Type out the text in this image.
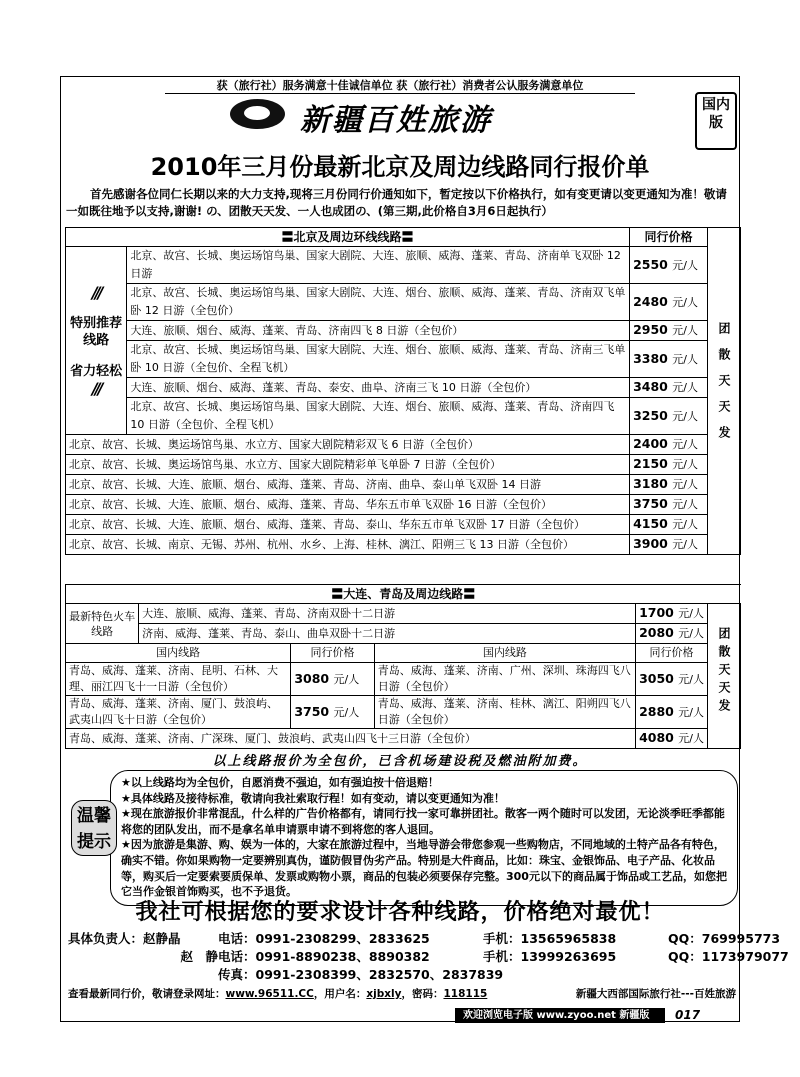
获（旅行社）服务满意十佳诚信单位 获（旅行社）消费者公认服务满意单位
新疆百姓旅游	国内版
2010年三月份最新北京及周边线路同行报价单
首先感谢各位同仁长期以来的大力支持,现将三月份同行价通知如下，暂定按以下价格执行，如有变更请以变更通知为准！敬请一如既往地予以支持,谢谢! の、团散天天发、一人也成团の、(第三期,此价格自3月6日起执行）
〓北京及周边环线线路〓		同行价格	团散天天发

///
特别推荐线路
省力轻松
///	北京、故宫、长城、奥运场馆鸟巢、国家大剧院、大连、旅顺、威海、蓬莱、青岛、济南单飞双卧 12 日游	2550 元/人	
	北京、故宫、长城、奥运场馆鸟巢、国家大剧院、大连、烟台、旅顺、威海、蓬莱、青岛、济南双飞单卧 12 日游（全包价）	2480 元/人	
	大连、旅顺、烟台、威海、蓬莱、青岛、济南四飞 8 日游（全包价）	2950 元/人	
	北京、故宫、长城、奥运场馆鸟巢、国家大剧院、大连、烟台、旅顺、威海、蓬莱、青岛、济南三飞单卧 10 日游（全包价、全程飞机）	3380 元/人	
	大连、旅顺、烟台、威海、蓬莱、青岛、泰安、曲阜、济南三飞 10 日游（全包价）	3480 元/人	
	北京、故宫、长城、奥运场馆鸟巢、国家大剧院、大连、烟台、旅顺、威海、蓬莱、青岛、济南四飞 10 日游（全包价、全程飞机）	3250 元/人	
北京、故宫、长城、奥运场馆鸟巢、水立方、国家大剧院精彩双飞 6 日游（全包价）		2400 元/人	
北京、故宫、长城、奥运场馆鸟巢、水立方、国家大剧院精彩单飞单卧 7 日游（全包价）		2150 元/人	
北京、故宫、长城、大连、旅顺、烟台、威海、蓬莱、青岛、济南、曲阜、泰山单飞双卧 14 日游		3180 元/人	
北京、故宫、长城、大连、旅顺、烟台、威海、蓬莱、青岛、华东五市单飞双卧 16 日游（全包价）		3750 元/人	
北京、故宫、长城、大连、旅顺、烟台、威海、蓬莱、青岛、泰山、华东五市单飞双卧 17 日游（全包价）		4150 元/人	
北京、故宫、长城、南京、无锡、苏州、杭州、水乡、上海、桂林、漓江、阳朔三飞 13 日游（全包价）		3900 元/人	
〓大连、青岛及周边线路〓					
最新特色火车线路	大连、旅顺、威海、蓬莱、青岛、济南双卧十二日游			1700 元/人	团散天天发
	济南、威海、蓬莱、青岛、泰山、曲阜双卧十二日游			2080 元/人	
国内线路		同行价格	国内线路	同行价格	
青岛、威海、蓬莱、济南、昆明、石林、大理、丽江四飞十一日游（全包价）		3080 元/人	青岛、威海、蓬莱、济南、广州、深圳、珠海四飞八日游（全包价）	3050 元/人	
青岛、威海、蓬莱、济南、厦门、鼓浪屿、武夷山四飞十日游（全包价）		3750 元/人	青岛、威海、蓬莱、济南、桂林、漓江、阳朔四飞八日游（全包价）	2880 元/人	
青岛、威海、蓬莱、济南、广深珠、厦门、鼓浪屿、武夷山四飞十三日游（全包价）				4080 元/人	
以上线路报价为全包价，已含机场建设税及燃油附加费。

★以上线路均为全包价，自愿消费不强迫，如有强迫按十倍退赔！

★具体线路及接待标准，敬请向我社索取行程！如有变动，请以变更通知为准！

★现在旅游报价非常混乱，什么样的广告价格都有，请同行找一家可靠拼团社。散客一两个随时可以发团，无论淡季旺季都能将您的团队发出，而不是拿名单申请票申请不到将您的客人退回。

★因为旅游是集游、购、娱为一体的，大家在旅游过程中，当地导游会带您参观一些购物店，不同地域的土特产品各有特色，确实不错。你如果购物一定要辨别真伪，谨防假冒伪劣产品。特别是大件商品，比如：珠宝、金银饰品、电子产品、化妆品等，购买后一定要索要质保单、发票或购物小票，商品的包装必须要保存完整。300元以下的商品属于饰品或工艺品，如您把它当作金银首饰购买，也不予退货。

温馨提示
我社可根据您的要求设计各种线路，价格绝对最优！
具体负责人：赵静晶	电话：0991-2308299、2833625	手机：13565965838	QQ：769995773
赵　静电话：0991-8890238、8890382	手机：13999263695	QQ：1173979077
传真：0991-2308399、2832570、2837839
查看最新同行价，敬请登录网址：www.96511.CC，用户名：xjbxly，密码：118115	新疆大西部国际旅行社---百姓旅游
欢迎浏览电子版 www.zyoo.net 新疆版	017
